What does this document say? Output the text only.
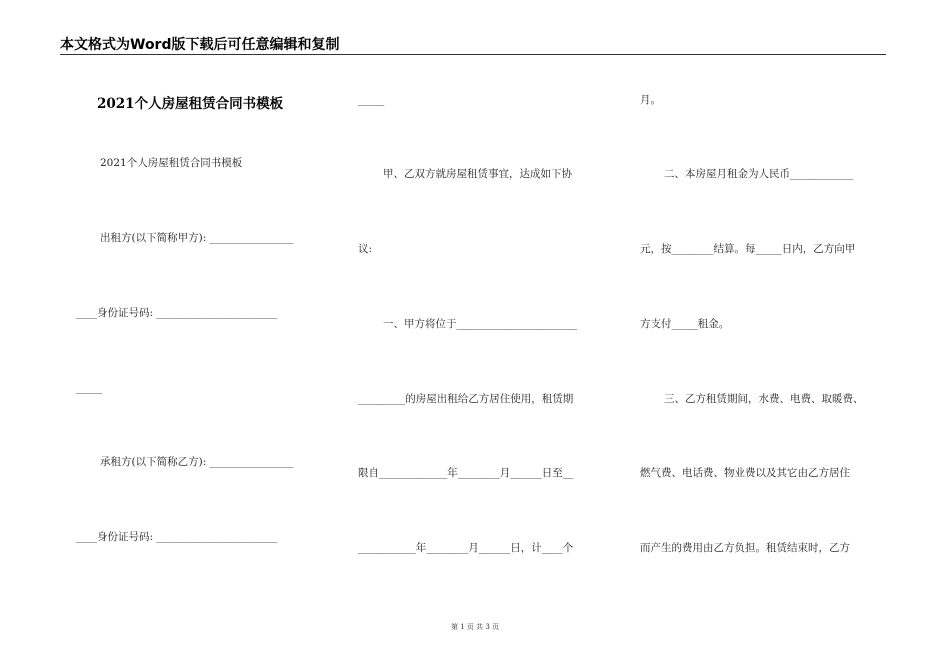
本文格式为Word版下载后可任意编辑和复制
2021个人房屋租赁合同书模板
2021个人房屋租赁合同书模板
出租方(以下简称甲方): ________________
____身份证号码: _______________________
_____
承租方(以下简称乙方): ________________
____身份证号码: _______________________
_____
甲、乙双方就房屋租赁事宜，达成如下协
议:
一、甲方将位于_______________________
_________的房屋出租给乙方居住使用，租赁期
限自_____________年________月______日至__
___________年________月______日，计____个
月。
二、本房屋月租金为人民币____________
元，按________结算。每_____日内，乙方向甲
方支付_____租金。
三、乙方租赁期间，水费、电费、取暖费、
燃气费、电话费、物业费以及其它由乙方居住
而产生的费用由乙方负担。租赁结束时，乙方
第 1 页 共 3 页
